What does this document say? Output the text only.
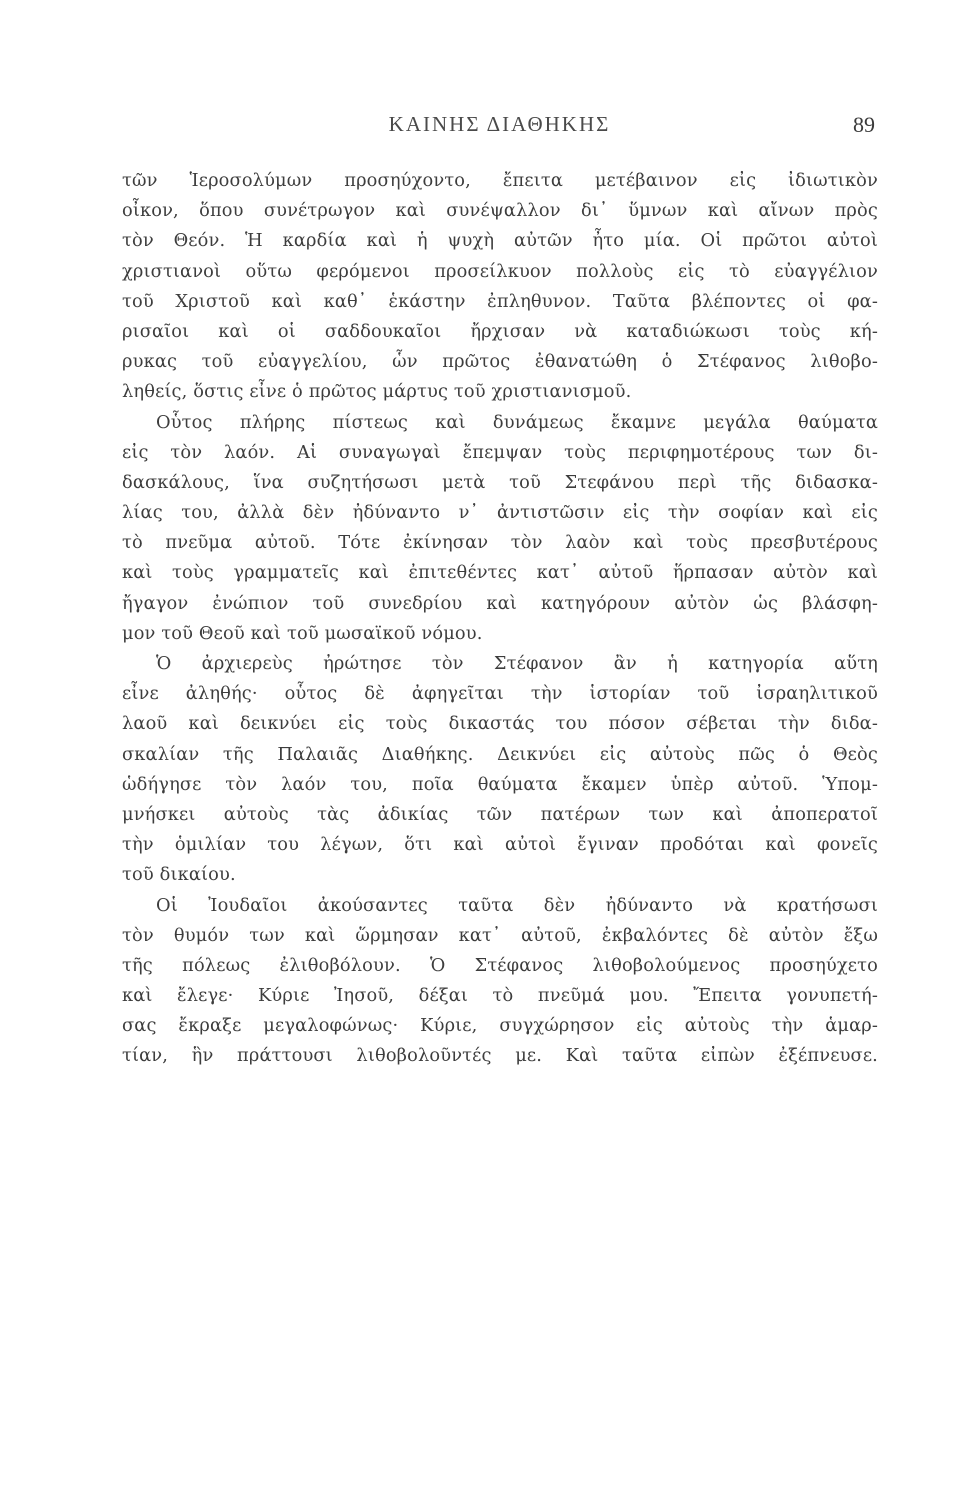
ΚΑΙΝΗΣ ΔΙΑΘΗΚΗΣ	89
τῶν Ἱεροσολύμων προσηύχοντο, ἔπειτα μετέβαινον εἰς ἰδιωτικὸν
οἶκον, ὅπου συνέτρωγον καὶ συνέψαλλον δι᾽ ὕμνων καὶ αἴνων πρὸς
τὸν Θεόν. Ἡ καρδία καὶ ἡ ψυχὴ αὐτῶν ἦτο μία. Οἱ πρῶτοι αὐτοὶ
χριστιανοὶ οὕτω φερόμενοι προσείλκυον πολλοὺς εἰς τὸ εὐαγγέλιον
τοῦ Χριστοῦ καὶ καθ᾽ ἑκάστην ἐπληθυνον. Ταῦτα βλέποντες οἱ φα-
ρισαῖοι καὶ οἱ σαδδουκαῖοι ἤρχισαν νὰ καταδιώκωσι τοὺς κή-
ρυκας τοῦ εὐαγγελίου, ὧν πρῶτος ἐθανατώθη ὁ Στέφανος λιθοβο-
ληθείς, ὅστις εἶνε ὁ πρῶτος μάρτυς τοῦ χριστιανισμοῦ.
Οὗτος πλήρης πίστεως καὶ δυνάμεως ἔκαμνε μεγάλα θαύματα
εἰς τὸν λαόν. Αἱ συναγωγαὶ ἔπεμψαν τοὺς περιφημοτέρους των δι-
δασκάλους, ἵνα συζητήσωσι μετὰ τοῦ Στεφάνου περὶ τῆς διδασκα-
λίας του, ἀλλὰ δὲν ἠδύναντο ν᾽ ἀντιστῶσιν εἰς τὴν σοφίαν καὶ εἰς
τὸ πνεῦμα αὐτοῦ. Τότε ἐκίνησαν τὸν λαὸν καὶ τοὺς πρεσβυτέρους
καὶ τοὺς γραμματεῖς καὶ ἐπιτεθέντες κατ᾽ αὐτοῦ ἥρπασαν αὐτὸν καὶ
ἤγαγον ἐνώπιον τοῦ συνεδρίου καὶ κατηγόρουν αὐτὸν ὡς βλάσφη-
μον τοῦ Θεοῦ καὶ τοῦ μωσαϊκοῦ νόμου.
Ὁ ἀρχιερεὺς ἠρώτησε τὸν Στέφανον ἂν ἡ κατηγορία αὕτη
εἶνε ἀληθής· οὗτος δὲ ἀφηγεῖται τὴν ἱστορίαν τοῦ ἰσραηλιτικοῦ
λαοῦ καὶ δεικνύει εἰς τοὺς δικαστάς του πόσον σέβεται τὴν διδα-
σκαλίαν τῆς Παλαιᾶς Διαθήκης. Δεικνύει εἰς αὐτοὺς πῶς ὁ Θεὸς
ὡδήγησε τὸν λαόν του, ποῖα θαύματα ἔκαμεν ὑπὲρ αὐτοῦ. Ὑπομ-
μνήσκει αὐτοὺς τὰς ἀδικίας τῶν πατέρων των καὶ ἀποπερατοῖ
τὴν ὁμιλίαν του λέγων, ὅτι καὶ αὐτοὶ ἔγιναν προδόται καὶ φονεῖς
τοῦ δικαίου.
Οἱ Ἰουδαῖοι ἀκούσαντες ταῦτα δὲν ἠδύναντο νὰ κρατήσωσι
τὸν θυμόν των καὶ ὥρμησαν κατ᾽ αὐτοῦ, ἐκβαλόντες δὲ αὐτὸν ἔξω
τῆς πόλεως ἐλιθοβόλουν. Ὁ Στέφανος λιθοβολούμενος προσηύχετο
καὶ ἔλεγε· Κύριε Ἰησοῦ, δέξαι τὸ πνεῦμά μου. Ἔπειτα γονυπετή-
σας ἔκραξε μεγαλοφώνως· Κύριε, συγχώρησον εἰς αὐτοὺς τὴν ἁμαρ-
τίαν, ἣν πράττουσι λιθοβολοῦντές με. Καὶ ταῦτα εἰπὼν ἐξέπνευσε.
